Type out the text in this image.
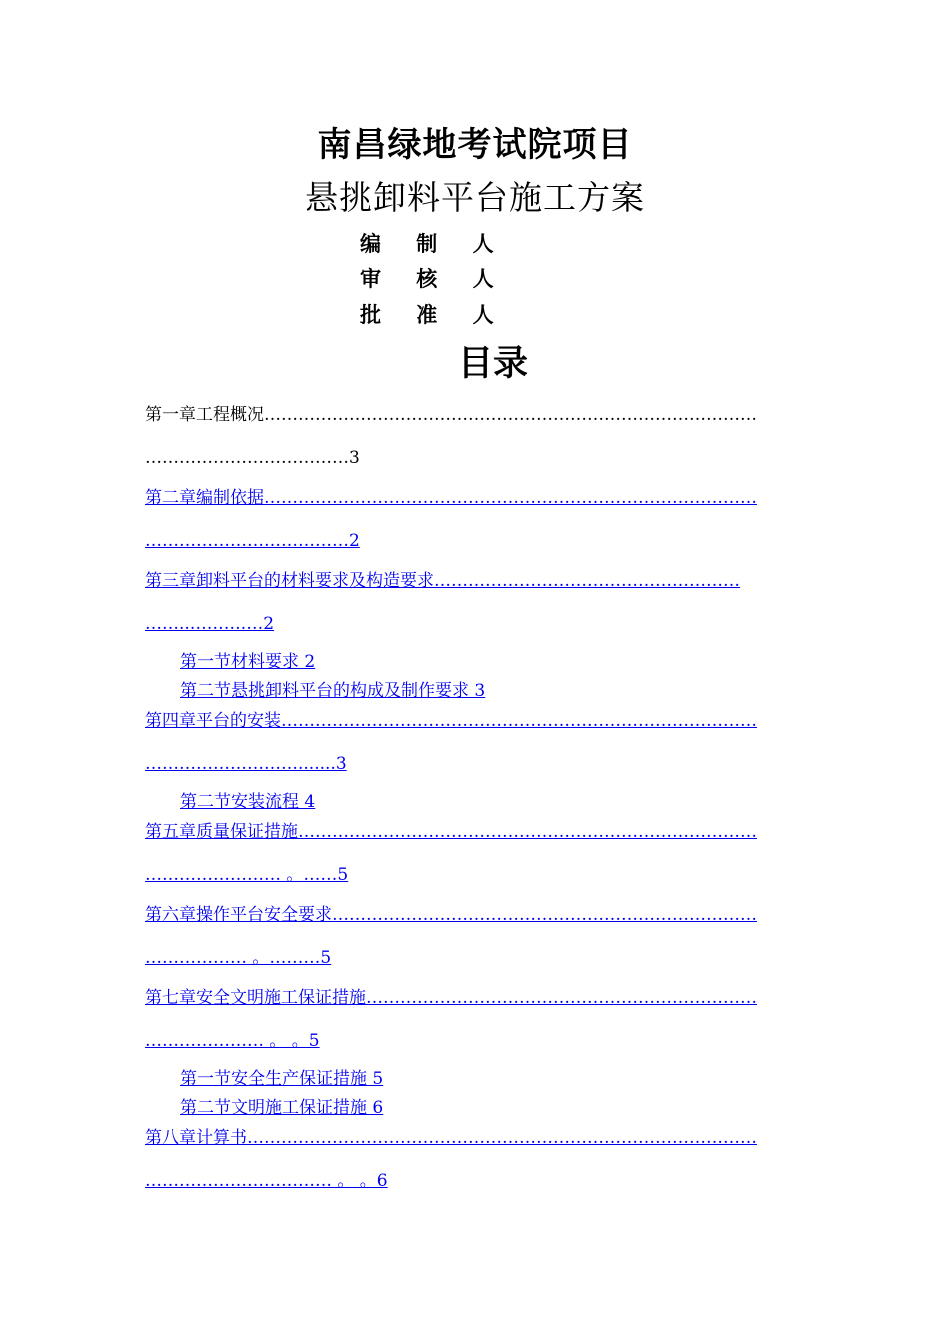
南昌绿地考试院项目
悬挑卸料平台施工方案
编 制 人
审 核 人
批 准 人
目录
第一章工程概况……………………………………………………………………………
………………………………3
第二章编制依据……………………………………………………………………………
………………………………2
第三章卸料平台的材料要求及构造要求………………………………………………
……..……….…2
第一节材料要求 2
第二节悬挑卸料平台的构成及制作要求 3
第四章平台的安装…………………………………………………………………………
……………………….......3
第二节安装流程 4
第五章质量保证措施………………………………………………………………………
…………………… 。……5
第六章操作平台安全要求…………………………………………………………………
……………… 。………5
第七章安全文明施工保证措施……………………………………………………………
………………… 。 。5
第一节安全生产保证措施 5
第二节文明施工保证措施 6
第八章计算书………………………………………………………………………………
…………………………… 。 。6
